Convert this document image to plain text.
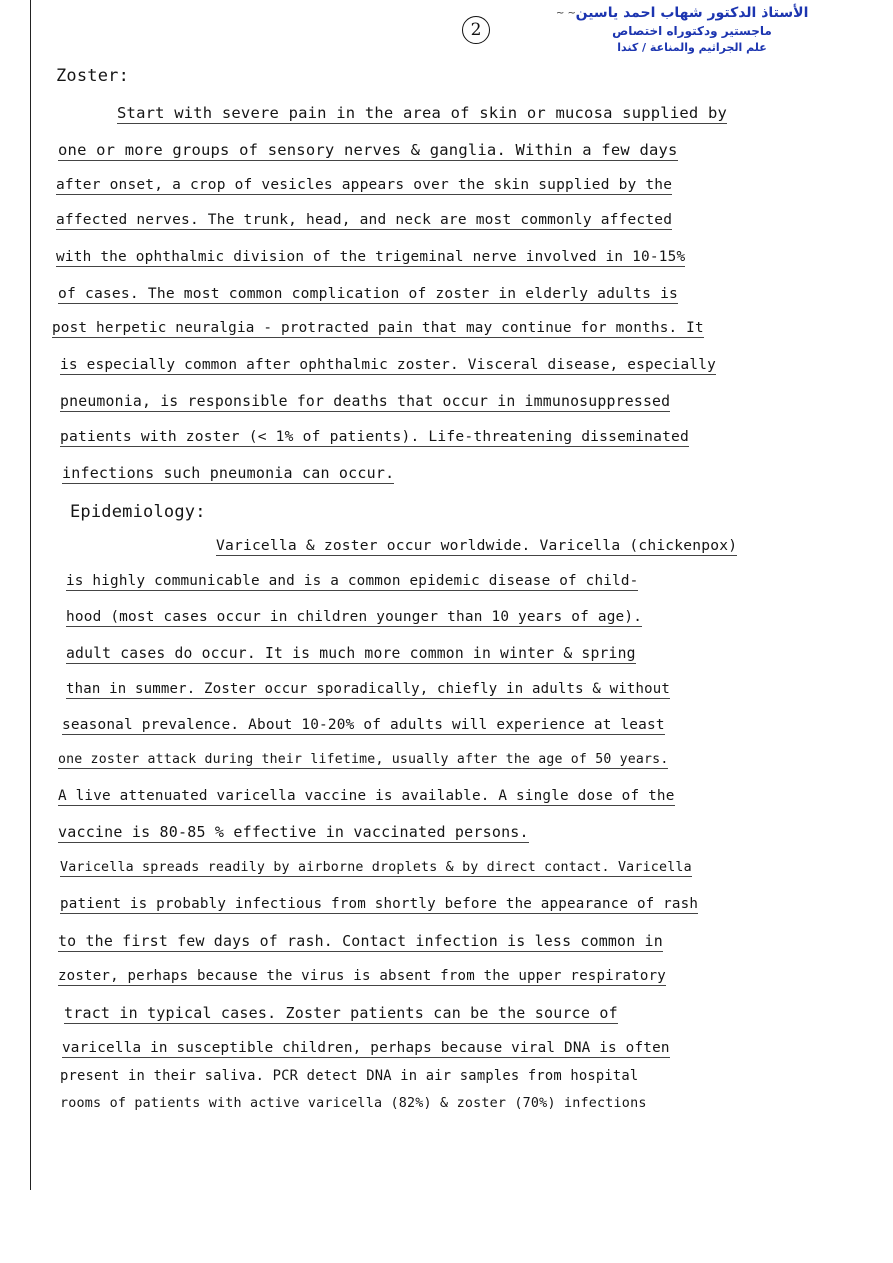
~ ~
2
الأستاذ الدكتور شهاب احمد ياسين
ماجستير ودكتوراه اختصاص
علم الجراثيم والمناعة / كندا
Zoster:
Start with severe pain in the area of skin or mucosa supplied by
one or more groups of sensory nerves & ganglia. Within a few days
after onset, a crop of vesicles appears over the skin supplied by the
affected nerves. The trunk, head, and neck are most commonly affected
with the ophthalmic division of the trigeminal nerve involved in 10-15%
of cases. The most common complication of zoster in elderly adults is
post herpetic neuralgia - protracted pain that may continue for months. It
is especially common after ophthalmic zoster. Visceral disease, especially
pneumonia, is responsible for deaths that occur in immunosuppressed
patients with zoster (< 1% of patients). Life-threatening disseminated
infections such pneumonia can occur.
Epidemiology:
Varicella & zoster occur worldwide. Varicella (chickenpox)
is highly communicable and is a common epidemic disease of child-
hood (most cases occur in children younger than 10 years of age).
adult cases do occur. It is much more common in winter & spring
than in summer. Zoster occur sporadically, chiefly in adults & without
seasonal prevalence. About 10-20% of adults will experience at least
one zoster attack during their lifetime, usually after the age of 50 years.
A live attenuated varicella vaccine is available. A single dose of the
vaccine is 80-85 % effective in vaccinated persons.
Varicella spreads readily by airborne droplets & by direct contact. Varicella
patient is probably infectious from shortly before the appearance of rash
to the first few days of rash. Contact infection is less common in
zoster, perhaps because the virus is absent from the upper respiratory
tract in typical cases. Zoster patients can be the source of
varicella in susceptible children, perhaps because viral DNA is often
present in their saliva. PCR detect DNA in air samples from hospital
rooms of patients with active varicella (82%) & zoster (70%) infections
